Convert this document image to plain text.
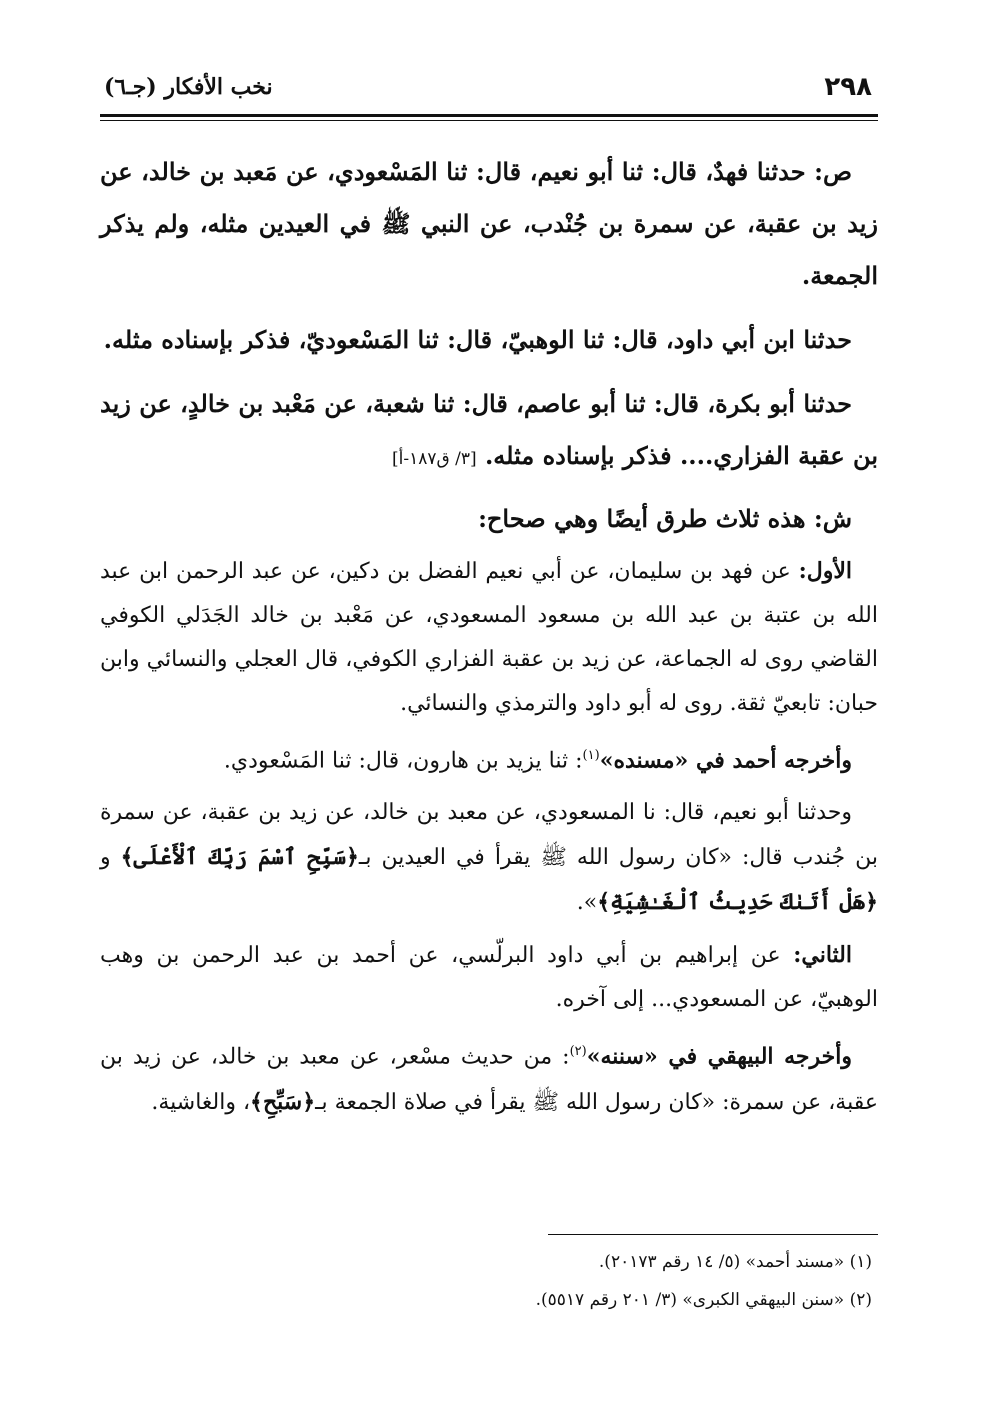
٢٩٨
نخب الأفكار (جـ٦)

ص: حدثنا فهدٌ، قال: ثنا أبو نعيم، قال: ثنا المَسْعودي، عن مَعبد بن خالد، عن زيد بن عقبة، عن سمرة بن جُنْدب، عن النبي ﷺ في العيدين مثله، ولم يذكر الجمعة.

حدثنا ابن أبي داود، قال: ثنا الوهبيّ، قال: ثنا المَسْعوديّ، فذكر بإسناده مثله.

حدثنا أبو بكرة، قال: ثنا أبو عاصم، قال: ثنا شعبة، عن مَعْبد بن خالدٍ، عن زيد بن عقبة الفزاري.... فذكر بإسناده مثله. [٣/ ق١٨٧-أ]

ش: هذه ثلاث طرق أيضًا وهي صحاح:

الأول: عن فهد بن سليمان، عن أبي نعيم الفضل بن دكين، عن عبد الرحمن ابن عبد الله بن عتبة بن عبد الله بن مسعود المسعودي، عن مَعْبد بن خالد الجَدَلي الكوفي القاضي روى له الجماعة، عن زيد بن عقبة الفزاري الكوفي، قال العجلي والنسائي وابن حبان: تابعيّ ثقة. روى له أبو داود والترمذي والنسائي.

وأخرجه أحمد في «مسنده»$^{(١)}$: ثنا يزيد بن هارون، قال: ثنا المَسْعودي.

وحدثنا أبو نعيم، قال: نا المسعودي، عن معبد بن خالد، عن زيد بن عقبة، عن سمرة بن جُندب قال: «كان رسول الله ﷺ يقرأ في العيدين بـ﴿سَبِّحِ ٱسْمَ رَبِّكَ ٱلْأَعْلَى﴾ و ﴿هَلْ أَتَىٰكَ حَدِيثُ ٱلْغَـٰشِيَةِ﴾».

الثاني: عن إبراهيم بن أبي داود البرلّسي، عن أحمد بن عبد الرحمن بن وهب الوهبيّ، عن المسعودي... إلى آخره.

وأخرجه البيهقي في «سننه»$^{(٢)}$: من حديث مسْعر، عن معبد بن خالد، عن زيد بن عقبة، عن سمرة: «كان رسول الله ﷺ يقرأ في صلاة الجمعة بـ﴿سَبِّحِ﴾، والغاشية.

(١) «مسند أحمد» (٥/ ١٤ رقم ٢٠١٧٣).

(٢) «سنن البيهقي الكبرى» (٣/ ٢٠١ رقم ٥٥١٧).
